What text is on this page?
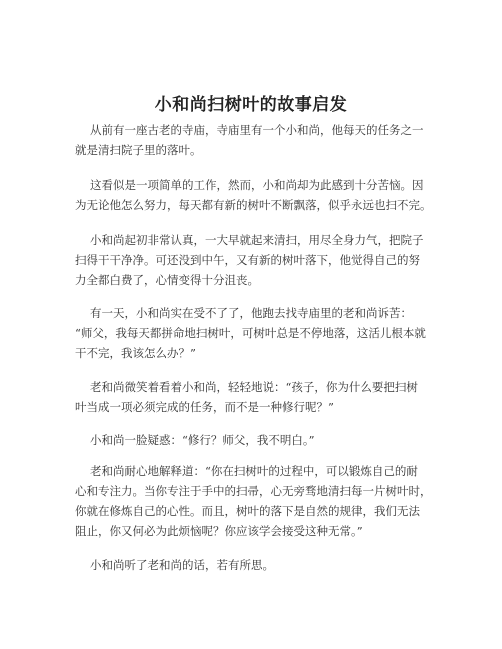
小和尚扫树叶的故事启发
从前有一座古老的寺庙，寺庙里有一个小和尚，他每天的任务之一
就是清扫院子里的落叶。
这看似是一项简单的工作，然而，小和尚却为此感到十分苦恼。因
为无论他怎么努力，每天都有新的树叶不断飘落，似乎永远也扫不完。
小和尚起初非常认真，一大早就起来清扫，用尽全身力气，把院子
扫得干干净净。可还没到中午，又有新的树叶落下，他觉得自己的努
力全都白费了，心情变得十分沮丧。
有一天，小和尚实在受不了了，他跑去找寺庙里的老和尚诉苦：
“师父，我每天都拼命地扫树叶，可树叶总是不停地落，这活儿根本就
干不完，我该怎么办？”
老和尚微笑着看着小和尚，轻轻地说：“孩子，你为什么要把扫树
叶当成一项必须完成的任务，而不是一种修行呢？”
小和尚一脸疑惑：“修行？师父，我不明白。”
老和尚耐心地解释道：“你在扫树叶的过程中，可以锻炼自己的耐
心和专注力。当你专注于手中的扫帚，心无旁骛地清扫每一片树叶时，
你就在修炼自己的心性。而且，树叶的落下是自然的规律，我们无法
阻止，你又何必为此烦恼呢？你应该学会接受这种无常。”
小和尚听了老和尚的话，若有所思。
